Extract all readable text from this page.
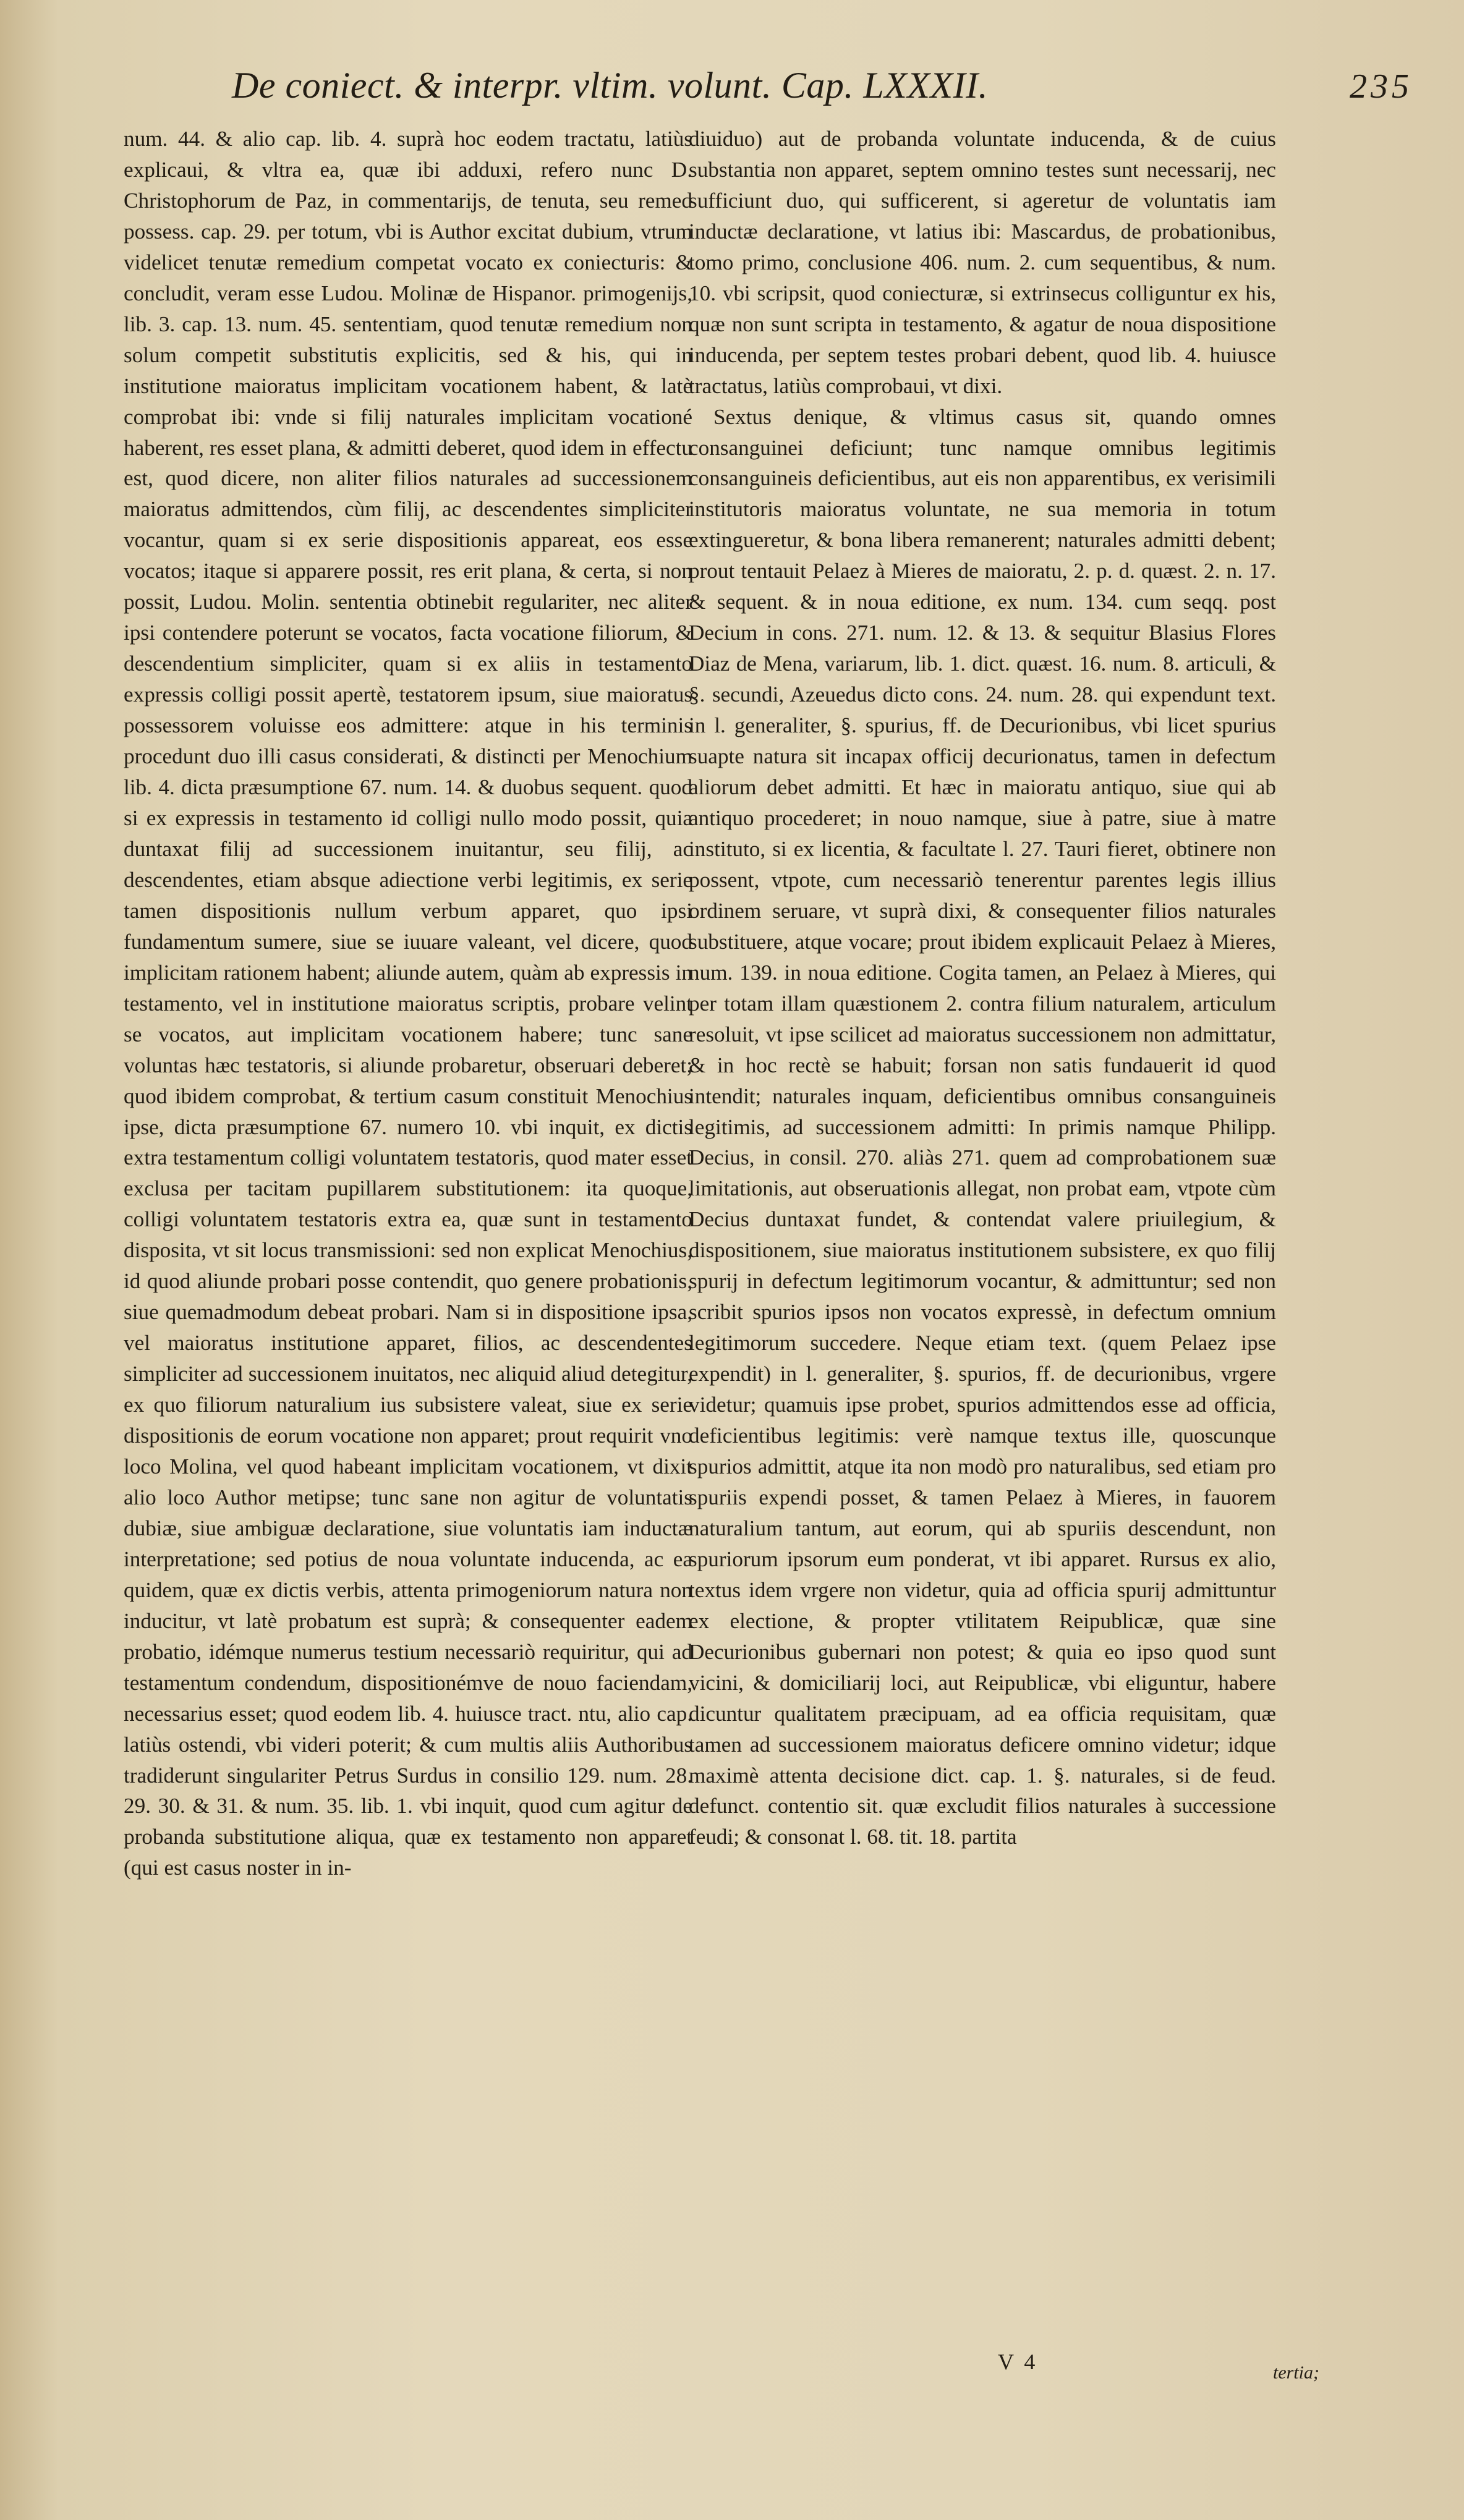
De coniect. & interpr. vltim. volunt. Cap. LXXXII.	235

num. 44. & alio cap. lib. 4. suprà hoc eodem tractatu, latiùs explicaui, & vltra ea, quæ ibi adduxi, refero nunc D. Christophorum de Paz, in commentarijs, de tenuta, seu remed possess. cap. 29. per totum, vbi is Author excitat dubium, vtrum videlicet tenutæ remedium competat vocato ex coniecturis: & concludit, veram esse Ludou. Molinæ de Hispanor. primogenijs, lib. 3. cap. 13. num. 45. sententiam, quod tenutæ remedium non solum competit substitutis explicitis, sed & his, qui in institutione maioratus implicitam vocationem habent, & latè comprobat ibi: vnde si filij naturales implicitam vocationé haberent, res esset plana, & admitti deberet, quod idem in effectu est, quod dicere, non aliter filios naturales ad successionem maioratus admittendos, cùm filij, ac descendentes simpliciter vocantur, quam si ex serie dispositionis appareat, eos esse vocatos; itaque si apparere possit, res erit plana, & certa, si non possit, Ludou. Molin. sententia obtinebit regulariter, nec aliter ipsi contendere poterunt se vocatos, facta vocatione filiorum, & descendentium simpliciter, quam si ex aliis in testamento expressis colligi possit apertè, testatorem ipsum, siue maioratus possessorem voluisse eos admittere: atque in his terminis procedunt duo illi casus considerati, & distincti per Menochium lib. 4. dicta præsumptione 67. num. 14. & duobus sequent. quod si ex expressis in testamento id colligi nullo modo possit, quia duntaxat filij ad successionem inuitantur, seu filij, ac descendentes, etiam absque adiectione verbi legitimis, ex serie tamen dispositionis nullum verbum apparet, quo ipsi fundamentum sumere, siue se iuuare valeant, vel dicere, quod implicitam rationem habent; aliunde autem, quàm ab expressis in testamento, vel in institutione maioratus scriptis, probare velint se vocatos, aut implicitam vocationem habere; tunc sane voluntas hæc testatoris, si aliunde probaretur, obseruari deberet; quod ibidem comprobat, & tertium casum constituit Menochius ipse, dicta præsumptione 67. numero 10. vbi inquit, ex dictis extra testamentum colligi voluntatem testatoris, quod mater esset exclusa per tacitam pupillarem substitutionem: ita quoque, colligi voluntatem testatoris extra ea, quæ sunt in testamento disposita, vt sit locus transmissioni: sed non explicat Menochius, id quod aliunde probari posse contendit, quo genere probationis, siue quemadmodum debeat probari. Nam si in dispositione ipsa, vel maioratus institutione apparet, filios, ac descendentes simpliciter ad successionem inuitatos, nec aliquid aliud detegitur, ex quo filiorum naturalium ius subsistere valeat, siue ex serie dispositionis de eorum vocatione non apparet; prout requirit vno loco Molina, vel quod habeant implicitam vocationem, vt dixit alio loco Author metipse; tunc sane non agitur de voluntatis dubiæ, siue ambiguæ declaratione, siue voluntatis iam inductæ interpretatione; sed potius de noua voluntate inducenda, ac ea quidem, quæ ex dictis verbis, attenta primogeniorum natura non inducitur, vt latè probatum est suprà; & consequenter eadem probatio, idémque numerus testium necessariò requiritur, qui ad testamentum condendum, dispositionémve de nouo faciendam, necessarius esset; quod eodem lib. 4. huiusce tract. ntu, alio cap. latiùs ostendi, vbi videri poterit; & cum multis aliis Authoribus tradiderunt singulariter Petrus Surdus in consilio 129. num. 28. 29. 30. & 31. & num. 35. lib. 1. vbi inquit, quod cum agitur de probanda substitutione aliqua, quæ ex testamento non apparet (qui est casus noster in in-

diuiduo) aut de probanda voluntate inducenda, & de cuius substantia non apparet, septem omnino testes sunt necessarij, nec sufficiunt duo, qui sufficerent, si ageretur de voluntatis iam inductæ declaratione, vt latius ibi: Mascardus, de probationibus, tomo primo, conclusione 406. num. 2. cum sequentibus, & num. 10. vbi scripsit, quod coniecturæ, si extrinsecus colliguntur ex his, quæ non sunt scripta in testamento, & agatur de noua dispositione inducenda, per septem testes probari debent, quod lib. 4. huiusce tractatus, latiùs comprobaui, vt dixi.

Sextus denique, & vltimus casus sit, quando omnes consanguinei deficiunt; tunc namque omnibus legitimis consanguineis deficientibus, aut eis non apparentibus, ex verisimili institutoris maioratus voluntate, ne sua memoria in totum extingueretur, & bona libera remanerent; naturales admitti debent; prout tentauit Pelaez à Mieres de maioratu, 2. p. d. quæst. 2. n. 17. & sequent. & in noua editione, ex num. 134. cum seqq. post Decium in cons. 271. num. 12. & 13. & sequitur Blasius Flores Diaz de Mena, variarum, lib. 1. dict. quæst. 16. num. 8. articuli, & §. secundi, Azeuedus dicto cons. 24. num. 28. qui expendunt text. in l. generaliter, §. spurius, ff. de Decurionibus, vbi licet spurius suapte natura sit incapax officij decurionatus, tamen in defectum aliorum debet admitti. Et hæc in maioratu antiquo, siue qui ab antiquo procederet; in nouo namque, siue à patre, siue à matre instituto, si ex licentia, & facultate l. 27. Tauri fieret, obtinere non possent, vtpote, cum necessariò tenerentur parentes legis illius ordinem seruare, vt suprà dixi, & consequenter filios naturales substituere, atque vocare; prout ibidem explicauit Pelaez à Mieres, num. 139. in noua editione. Cogita tamen, an Pelaez à Mieres, qui per totam illam quæstionem 2. contra filium naturalem, articulum resoluit, vt ipse scilicet ad maioratus successionem non admittatur, & in hoc rectè se habuit; forsan non satis fundauerit id quod intendit; naturales inquam, deficientibus omnibus consanguineis legitimis, ad successionem admitti: In primis namque Philipp. Decius, in consil. 270. aliàs 271. quem ad comprobationem suæ limitationis, aut obseruationis allegat, non probat eam, vtpote cùm Decius duntaxat fundet, & contendat valere priuilegium, & dispositionem, siue maioratus institutionem subsistere, ex quo filij spurij in defectum legitimorum vocantur, & admittuntur; sed non scribit spurios ipsos non vocatos expressè, in defectum omnium legitimorum succedere. Neque etiam text. (quem Pelaez ipse expendit) in l. generaliter, §. spurios, ff. de decurionibus, vrgere videtur; quamuis ipse probet, spurios admittendos esse ad officia, deficientibus legitimis: verè namque textus ille, quoscunque spurios admittit, atque ita non modò pro naturalibus, sed etiam pro spuriis expendi posset, & tamen Pelaez à Mieres, in fauorem naturalium tantum, aut eorum, qui ab spuriis descendunt, non spuriorum ipsorum eum ponderat, vt ibi apparet. Rursus ex alio, textus idem vrgere non videtur, quia ad officia spurij admittuntur ex electione, & propter vtilitatem Reipublicæ, quæ sine Decurionibus gubernari non potest; & quia eo ipso quod sunt vicini, & domiciliarij loci, aut Reipublicæ, vbi eliguntur, habere dicuntur qualitatem præcipuam, ad ea officia requisitam, quæ tamen ad successionem maioratus deficere omnino videtur; idque maximè attenta decisione dict. cap. 1. §. naturales, si de feud. defunct. contentio sit. quæ excludit filios naturales à successione feudi; & consonat l. 68. tit. 18. partita

V 4	tertia;
